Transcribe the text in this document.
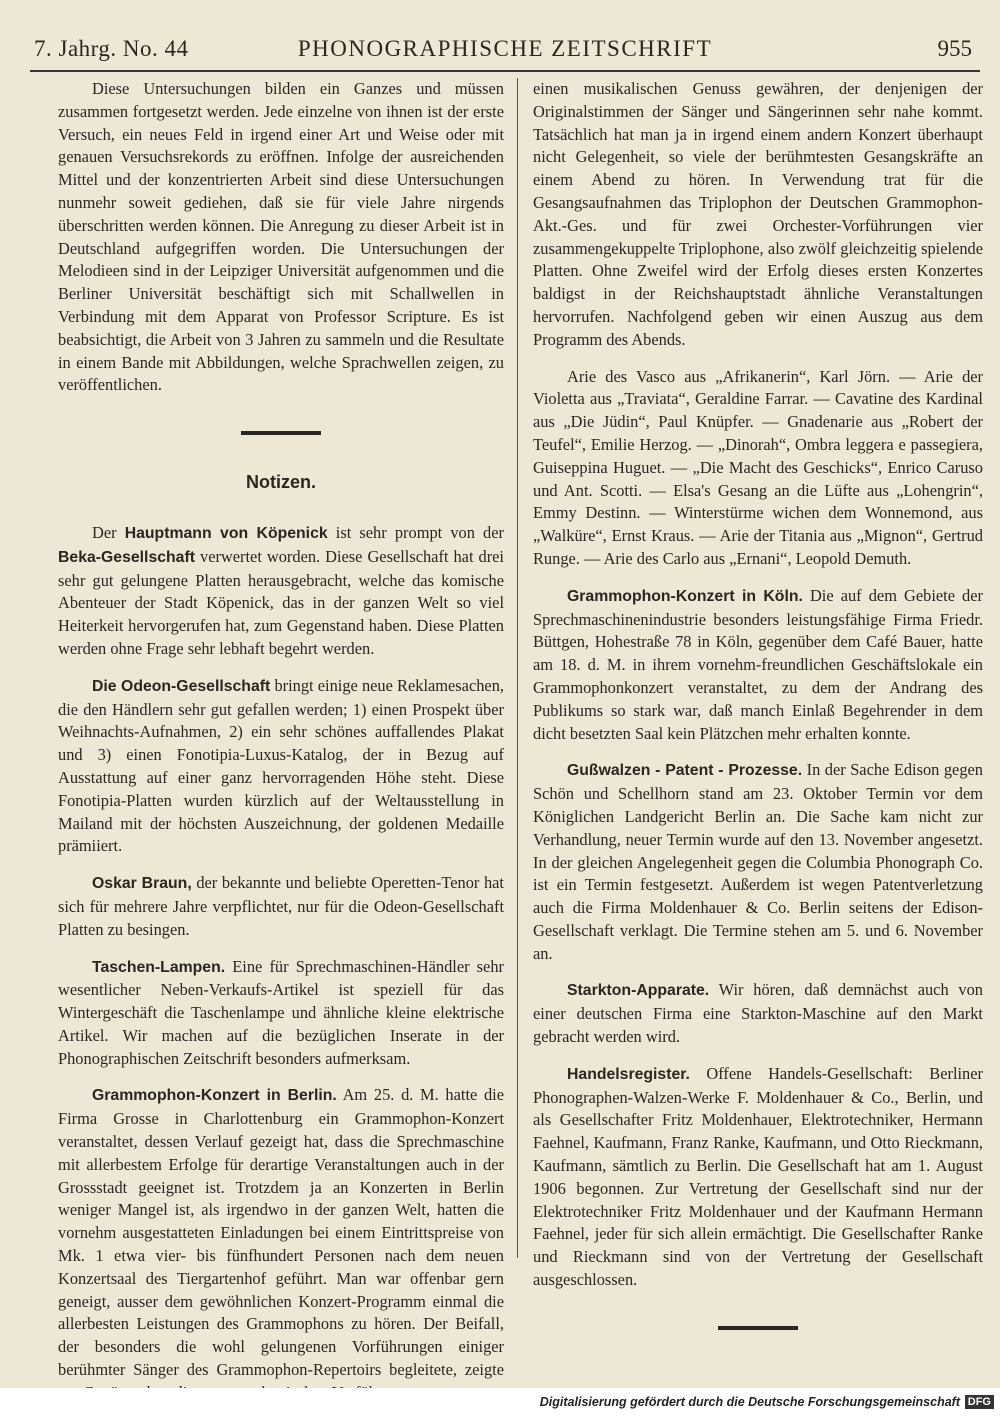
7. Jahrg. No. 44	PHONOGRAPHISCHE ZEITSCHRIFT	955

Diese Untersuchungen bilden ein Ganzes und müssen zusammen fortgesetzt werden. Jede einzelne von ihnen ist der erste Versuch, ein neues Feld in irgend einer Art und Weise oder mit genauen Versuchsrekords zu eröffnen. Infolge der ausreichenden Mittel und der konzentrierten Arbeit sind diese Untersuchungen nunmehr soweit gediehen, daß sie für viele Jahre nirgends überschritten werden können. Die Anregung zu dieser Arbeit ist in Deutschland aufgegriffen worden. Die Untersuchungen der Melodieen sind in der Leipziger Universität aufgenommen und die Berliner Universität beschäftigt sich mit Schallwellen in Verbindung mit dem Apparat von Professor Scripture. Es ist beabsichtigt, die Arbeit von 3 Jahren zu sammeln und die Resultate in einem Bande mit Abbildungen, welche Sprachwellen zeigen, zu veröffentlichen.

Notizen.

Der Hauptmann von Köpenick ist sehr prompt von der Beka-Gesellschaft verwertet worden. Diese Gesellschaft hat drei sehr gut gelungene Platten herausgebracht, welche das komische Abenteuer der Stadt Köpenick, das in der ganzen Welt so viel Heiterkeit hervorgerufen hat, zum Gegenstand haben. Diese Platten werden ohne Frage sehr lebhaft begehrt werden.

Die Odeon-Gesellschaft bringt einige neue Reklamesachen, die den Händlern sehr gut gefallen werden; 1) einen Prospekt über Weihnachts-Aufnahmen, 2) ein sehr schönes auffallendes Plakat und 3) einen Fonotipia-Luxus-Katalog, der in Bezug auf Ausstattung auf einer ganz hervorragenden Höhe steht. Diese Fonotipia-Platten wurden kürzlich auf der Weltausstellung in Mailand mit der höchsten Auszeichnung, der goldenen Medaille prämiiert.

Oskar Braun, der bekannte und beliebte Operetten-Tenor hat sich für mehrere Jahre verpflichtet, nur für die Odeon-Gesellschaft Platten zu besingen.

Taschen-Lampen. Eine für Sprechmaschinen-Händler sehr wesentlicher Neben-Verkaufs-Artikel ist speziell für das Wintergeschäft die Taschenlampe und ähnliche kleine elektrische Artikel. Wir machen auf die bezüglichen Inserate in der Phonographischen Zeitschrift besonders aufmerksam.

Grammophon-Konzert in Berlin. Am 25. d. M. hatte die Firma Grosse in Charlottenburg ein Grammophon-Konzert veranstaltet, dessen Verlauf gezeigt hat, dass die Sprechmaschine mit allerbestem Erfolge für derartige Veranstaltungen auch in der Grossstadt geeignet ist. Trotzdem ja an Konzerten in Berlin weniger Mangel ist, als irgendwo in der ganzen Welt, hatten die vornehm ausgestatteten Einladungen bei einem Eintrittspreise von Mk. 1 etwa vier- bis fünfhundert Personen nach dem neuen Konzertsaal des Tiergartenhof geführt. Man war offenbar gern geneigt, ausser dem gewöhnlichen Konzert-Programm einmal die allerbesten Leistungen des Grammophons zu hören. Der Beifall, der besonders die wohl gelungenen Vorführungen einiger berühmter Sänger des Grammophon-Repertoirs begleitete, zeigte

einen musikalischen Genuss gewähren, der denjenigen der Originalstimmen der Sänger und Sängerinnen sehr nahe kommt. Tatsächlich hat man ja in irgend einem andern Konzert überhaupt nicht Gelegenheit, so viele der berühmtesten Gesangskräfte an einem Abend zu hören. In Verwendung trat für die Gesangsaufnahmen das Triplophon der Deutschen Grammophon-Akt.-Ges. und für zwei Orchester-Vorführungen vier zusammengekuppelte Triplophone, also zwölf gleichzeitig spielende Platten. Ohne Zweifel wird der Erfolg dieses ersten Konzertes baldigst in der Reichshauptstadt ähnliche Veranstaltungen hervorrufen. Nachfolgend geben wir einen Auszug aus dem Programm des Abends.

Arie des Vasco aus „Afrikanerin“, Karl Jörn. — Arie der Violetta aus „Traviata“, Geraldine Farrar. — Cavatine des Kardinal aus „Die Jüdin“, Paul Knüpfer. — Gnadenarie aus „Robert der Teufel“, Emilie Herzog. — „Dinorah“, Ombra leggera e passegiera, Guiseppina Huguet. — „Die Macht des Geschicks“, Enrico Caruso und Ant. Scotti. — Elsa's Gesang an die Lüfte aus „Lohengrin“, Emmy Destinn. — Winterstürme wichen dem Wonnemond, aus „Walküre“, Ernst Kraus. — Arie der Titania aus „Mignon“, Gertrud Runge. — Arie des Carlo aus „Ernani“, Leopold Demuth.

Grammophon-Konzert in Köln. Die auf dem Gebiete der Sprechmaschinenindustrie besonders leistungsfähige Firma Friedr. Büttgen, Hohestraße 78 in Köln, gegenüber dem Café Bauer, hatte am 18. d. M. in ihrem vornehm-freundlichen Geschäftslokale ein Grammophonkonzert veranstaltet, zu dem der Andrang des Publikums so stark war, daß manch Einlaß Begehrender in dem dicht besetzten Saal kein Plätzchen mehr erhalten konnte.

Gußwalzen - Patent - Prozesse. In der Sache Edison gegen Schön und Schellhorn stand am 23. Oktober Termin vor dem Königlichen Landgericht Berlin an. Die Sache kam nicht zur Verhandlung, neuer Termin wurde auf den 13. November angesetzt. In der gleichen Angelegenheit gegen die Columbia Phonograph Co. ist ein Termin festgesetzt. Außerdem ist wegen Patentverletzung auch die Firma Moldenhauer & Co. Berlin seitens der Edison-Gesellschaft verklagt. Die Termine stehen am 5. und 6. November an.

Starkton-Apparate. Wir hören, daß demnächst auch von einer deutschen Firma eine Starkton-Maschine auf den Markt gebracht werden wird.

Handelsregister. Offene Handels-Gesellschaft: Berliner Phonographen-Walzen-Werke F. Moldenhauer & Co., Berlin, und als Gesellschafter Fritz Moldenhauer, Elektrotechniker, Hermann Faehnel, Kaufmann, Franz Ranke, Kaufmann, und Otto Rieckmann, Kaufmann, sämtlich zu Berlin. Die Gesellschaft hat am 1. August 1906 begonnen. Zur Vertretung der Gesellschaft sind nur der Elektrotechniker Fritz Moldenhauer und der Kaufmann Hermann Faehnel, jeder für sich allein ermächtigt. Die Gesellschafter Ranke und Rieckmann sind von der Vertretung der Gesellschaft ausgeschlossen.

Digitalisierung gefördert durch die Deutsche Forschungsgemeinschaft DFG
